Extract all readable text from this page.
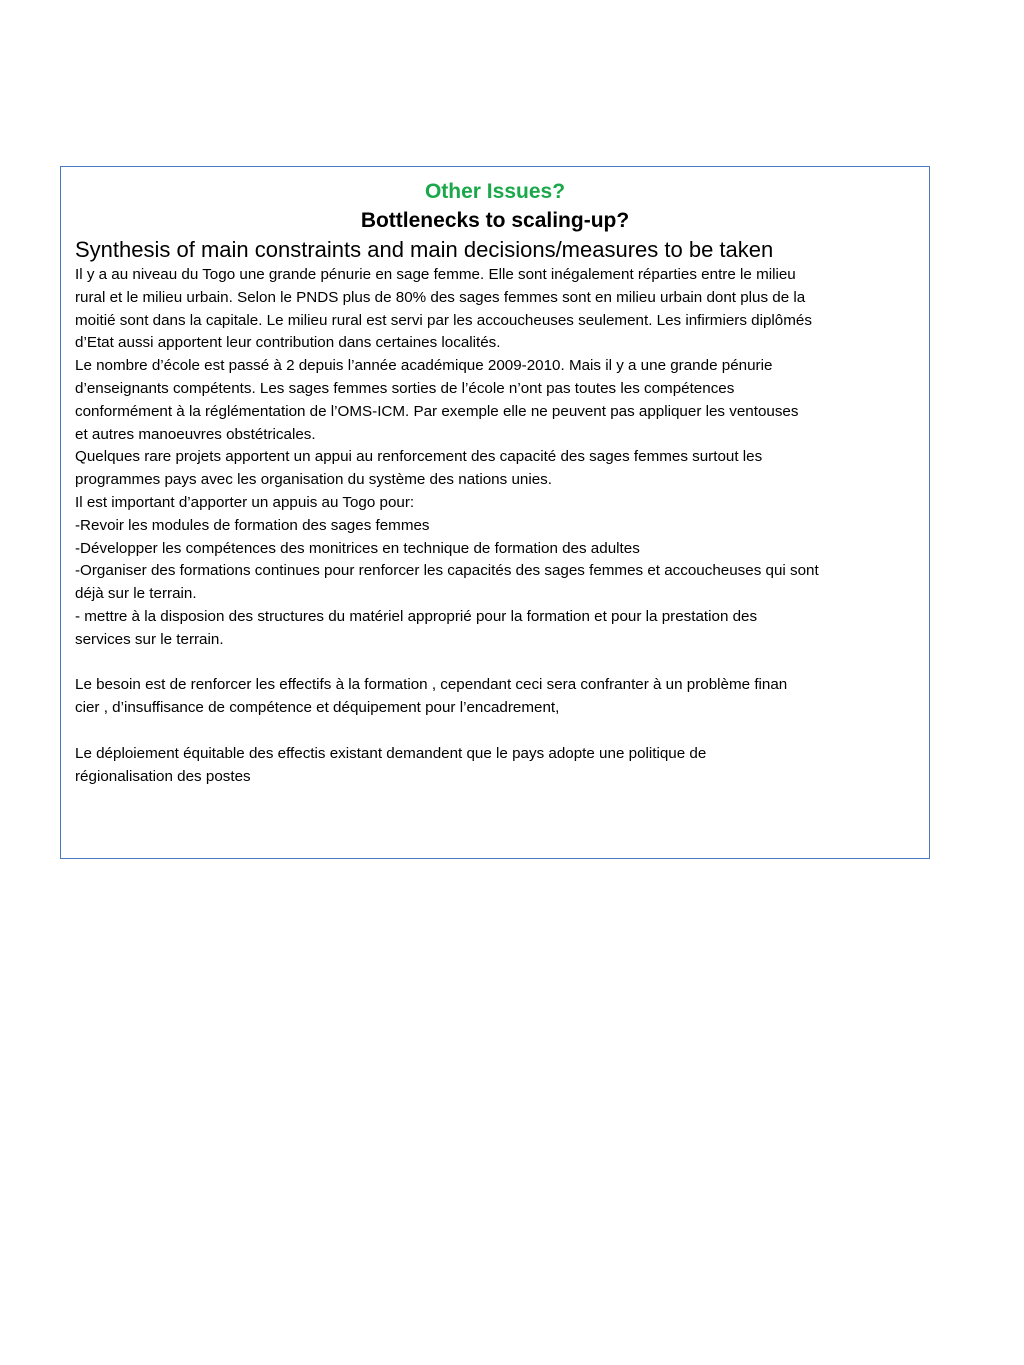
Other Issues?

Bottlenecks to scaling-up?

Synthesis of main constraints and main decisions/measures to be taken

Il y a au niveau du Togo une grande pénurie en sage femme. Elle sont inégalement réparties entre le milieu

rural et le milieu urbain. Selon le PNDS plus de 80% des sages femmes sont en milieu urbain dont plus de la

moitié sont dans la capitale. Le milieu rural est servi par les accoucheuses seulement. Les infirmiers diplômés

d’Etat aussi apportent leur contribution dans certaines localités.

Le nombre d’école est passé à 2 depuis l’année académique 2009-2010. Mais il y a une grande pénurie

d’enseignants compétents. Les sages femmes sorties de l’école n’ont pas toutes les compétences

conformément à la réglémentation de l’OMS-ICM. Par exemple elle ne peuvent pas appliquer les ventouses

et autres manoeuvres obstétricales.

Quelques rare projets apportent un appui au renforcement des capacité des sages femmes surtout les

programmes pays avec les organisation du système des nations unies.

Il est important d’apporter un appuis au Togo pour:

-Revoir les modules de formation des sages femmes

-Développer les compétences des monitrices en technique de formation des adultes

-Organiser des formations continues pour renforcer les capacités des sages femmes et accoucheuses qui sont

déjà sur le terrain.

- mettre à la disposion des structures du matériel approprié pour la formation et pour la prestation des

services sur le terrain.

Le besoin est de renforcer les effectifs à la formation , cependant ceci sera confranter à un problème finan

cier , d’insuffisance de compétence et déquipement pour l’encadrement,

Le déploiement équitable des effectis existant demandent que le pays adopte une politique de

régionalisation des postes
